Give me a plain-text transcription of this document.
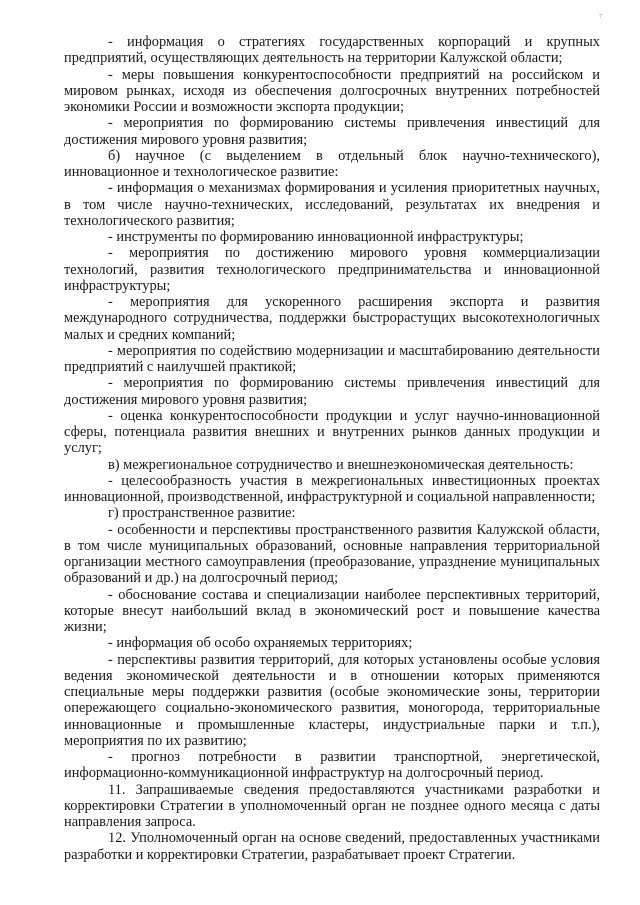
7

- информация о стратегиях государственных корпораций и крупных предприятий, осуществляющих деятельность на территории Калужской области;

- меры повышения конкурентоспособности предприятий на российском и мировом рынках, исходя из обеспечения долгосрочных внутренних потребностей экономики России и возможности экспорта продукции;

- мероприятия по формированию системы привлечения инвестиций для достижения мирового уровня развития;

б) научное (с выделением в отдельный блок научно-технического), инновационное и технологическое развитие:

- информация о механизмах формирования и усиления приоритетных научных, в том числе научно-технических, исследований, результатах их внедрения и технологического развития;

- инструменты по формированию инновационной инфраструктуры;

- мероприятия по достижению мирового уровня коммерциализации технологий, развития технологического предпринимательства и инновационной инфраструктуры;

- мероприятия для ускоренного расширения экспорта и развития международного сотрудничества, поддержки быстрорастущих высокотехнологичных малых и средних компаний;

- мероприятия по содействию модернизации и масштабированию деятельности предприятий с наилучшей практикой;

- мероприятия по формированию системы привлечения инвестиций для достижения мирового уровня развития;

- оценка конкурентоспособности продукции и услуг научно-инновационной сферы, потенциала развития внешних и внутренних рынков данных продукции и услуг;

в) межрегиональное сотрудничество и внешнеэкономическая деятельность:

- целесообразность участия в межрегиональных инвестиционных проектах инновационной, производственной, инфраструктурной и социальной направленности;

г) пространственное развитие:

- особенности и перспективы пространственного развития Калужской области, в том числе муниципальных образований, основные направления территориальной организации местного самоуправления (преобразование, упразднение муниципальных образований и др.) на долгосрочный период;

- обоснование состава и специализации наиболее перспективных территорий, которые внесут наибольший вклад в экономический рост и повышение качества жизни;

- информация об особо охраняемых территориях;

- перспективы развития территорий, для которых установлены особые условия ведения экономической деятельности и в отношении которых применяются специальные меры поддержки развития (особые экономические зоны, территории опережающего социально-экономического развития, моногорода, территориальные инновационные и промышленные кластеры, индустриальные парки и т.п.), мероприятия по их развитию;

- прогноз потребности в развитии транспортной, энергетической, информационно-коммуникационной инфраструктур на долгосрочный период.

11. Запрашиваемые сведения предоставляются участниками разработки и корректировки Стратегии в уполномоченный орган не позднее одного месяца с даты направления запроса.

12. Уполномоченный орган на основе сведений, предоставленных участниками разработки и корректировки Стратегии, разрабатывает проект Стратегии.
